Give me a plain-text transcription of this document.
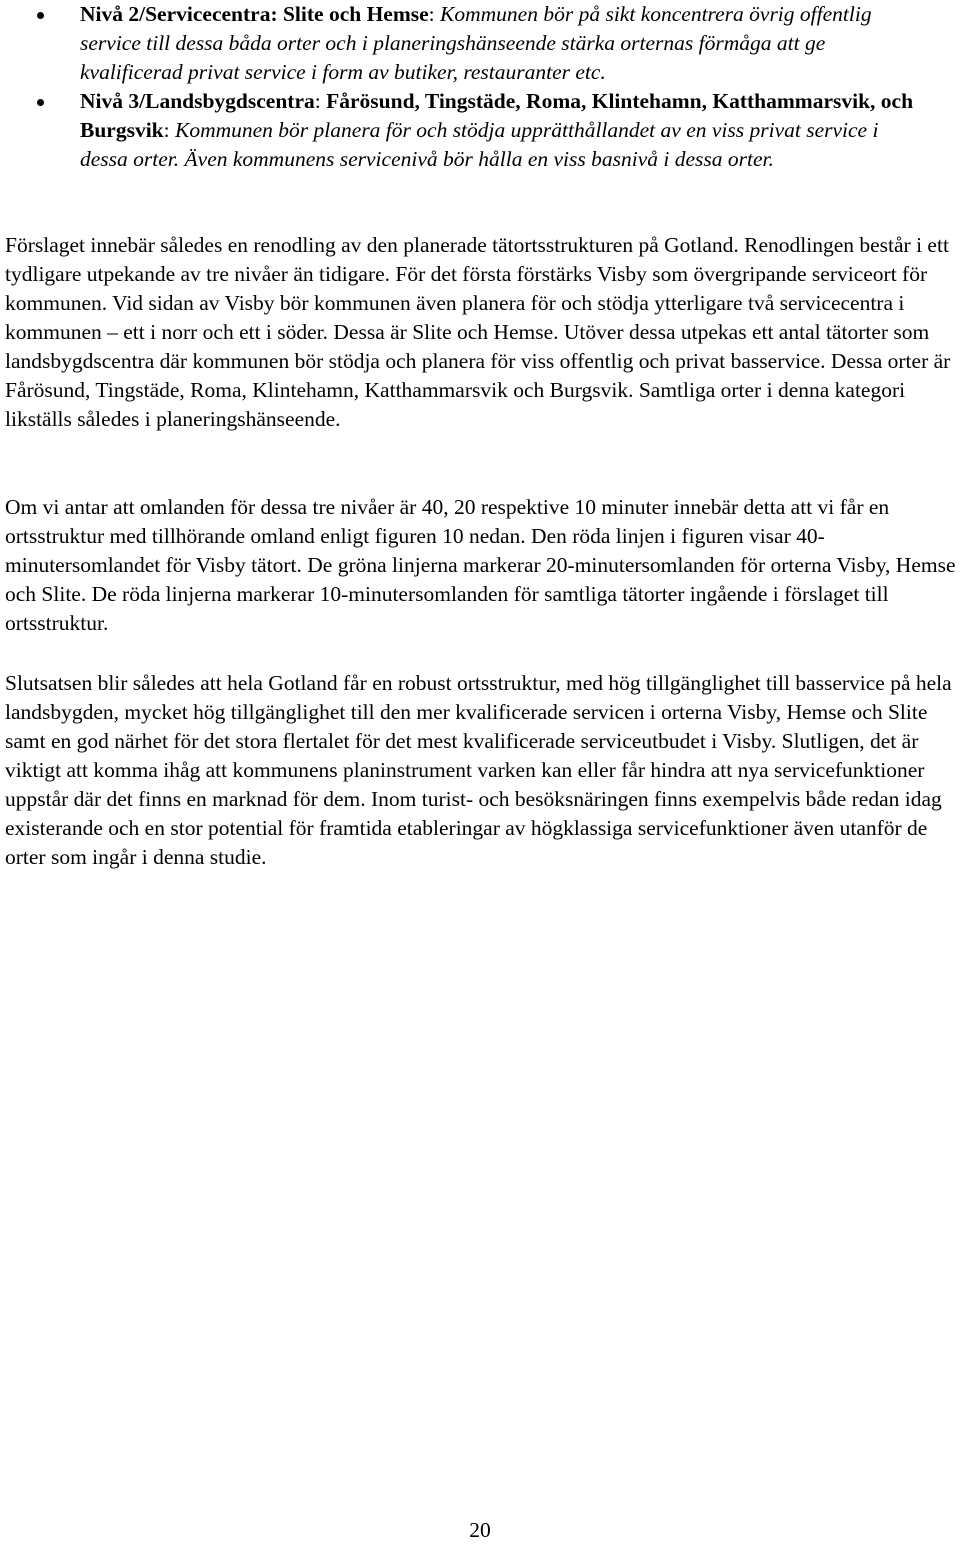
Nivå 2/Servicecentra: Slite och Hemse: Kommunen bör på sikt koncentrera övrig offentlig service till dessa båda orter och i planeringshänseende stärka orternas förmåga att ge kvalificerad privat service i form av butiker, restauranter etc.
Nivå 3/Landsbygdscentra: Fårösund, Tingstäde, Roma, Klintehamn, Katthammarsvik, och Burgsvik: Kommunen bör planera för och stödja upprätthållandet av en viss privat service i dessa orter. Även kommunens servicenivå bör hålla en viss basnivå i dessa orter.

Förslaget innebär således en renodling av den planerade tätortsstrukturen på Gotland. Renodlingen består i ett tydligare utpekande av tre nivåer än tidigare. För det första förstärks Visby som övergripande serviceort för kommunen. Vid sidan av Visby bör kommunen även planera för och stödja ytterligare två servicecentra i kommunen – ett i norr och ett i söder. Dessa är Slite och Hemse. Utöver dessa utpekas ett antal tätorter som landsbygdscentra där kommunen bör stödja och planera för viss offentlig och privat basservice. Dessa orter är Fårösund, Tingstäde, Roma, Klintehamn, Katthammarsvik och Burgsvik. Samtliga orter i denna kategori likställs således i planeringshänseende.

Om vi antar att omlanden för dessa tre nivåer är 40, 20 respektive 10 minuter innebär detta att vi får en ortsstruktur med tillhörande omland enligt figuren 10 nedan. Den röda linjen i figuren visar 40-minutersomlandet för Visby tätort. De gröna linjerna markerar 20-minutersomlanden för orterna Visby, Hemse och Slite. De röda linjerna markerar 10-minutersomlanden för samtliga tätorter ingående i förslaget till ortsstruktur.

Slutsatsen blir således att hela Gotland får en robust ortsstruktur, med hög tillgänglighet till basservice på hela landsbygden, mycket hög tillgänglighet till den mer kvalificerade servicen i orterna Visby, Hemse och Slite samt en god närhet för det stora flertalet för det mest kvalificerade serviceutbudet i Visby. Slutligen, det är viktigt att komma ihåg att kommunens planinstrument varken kan eller får hindra att nya servicefunktioner uppstår där det finns en marknad för dem. Inom turist- och besöksnäringen finns exempelvis både redan idag existerande och en stor potential för framtida etableringar av högklassiga servicefunktioner även utanför de orter som ingår i denna studie.

20
